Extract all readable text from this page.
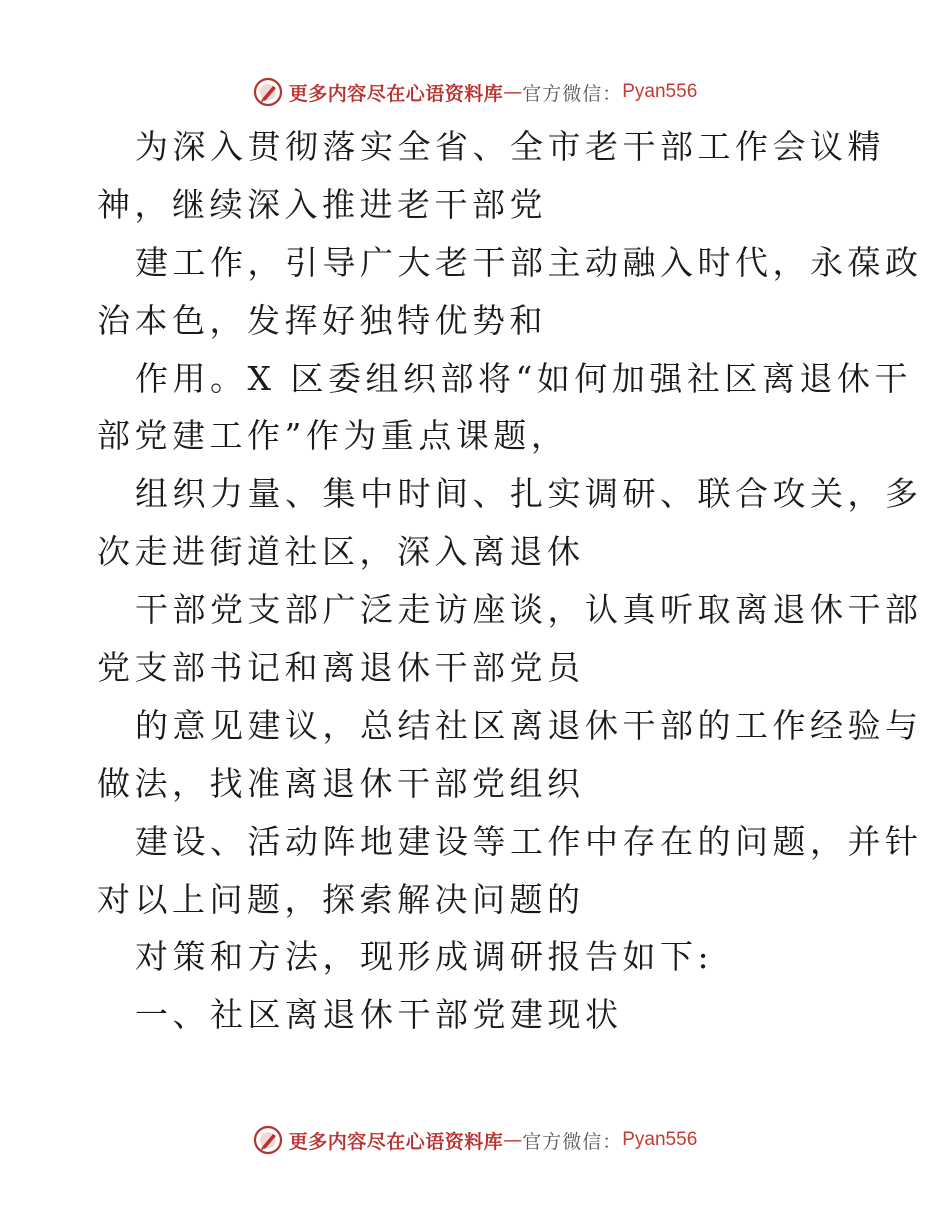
更多内容尽在心语资料库 — 官方微信： Pyan556
为深入贯彻落实全省、全市老干部工作会议精
神，继续深入推进老干部党
建工作，引导广大老干部主动融入时代，永葆政
治本色，发挥好独特优势和
作用。X 区委组织部将“如何加强社区离退休干
部党建工作”作为重点课题，
组织力量、集中时间、扎实调研、联合攻关，多
次走进街道社区，深入离退休
干部党支部广泛走访座谈，认真听取离退休干部
党支部书记和离退休干部党员
的意见建议，总结社区离退休干部的工作经验与
做法，找准离退休干部党组织
建设、活动阵地建设等工作中存在的问题，并针
对以上问题，探索解决问题的
对策和方法，现形成调研报告如下:
一、社区离退休干部党建现状
更多内容尽在心语资料库 — 官方微信： Pyan556
